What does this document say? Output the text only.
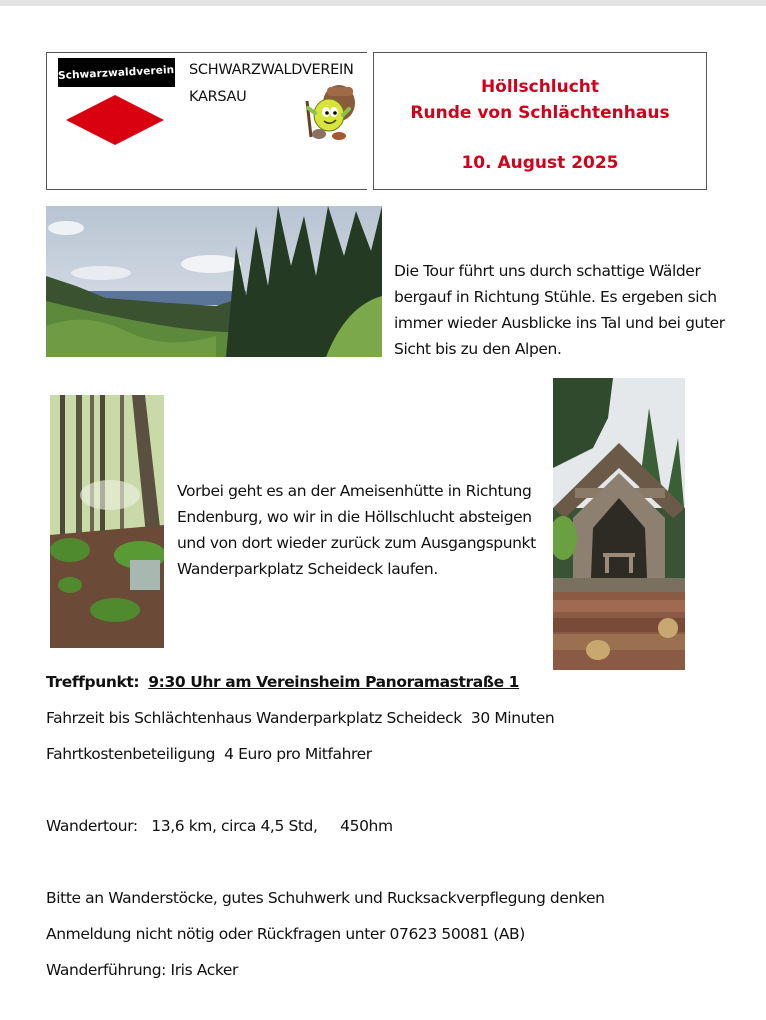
Schwarzwaldverein SCHWARZWALDVEREIN
KARSAU	Höllschlucht
Runde von Schlächtenhaus
10. August 2025
Die Tour führt uns durch schattige Wälder bergauf in Richtung Stühle. Es ergeben sich immer wieder Ausblicke ins Tal und bei guter Sicht bis zu den Alpen.
Vorbei geht es an der Ameisenhütte in Richtung Endenburg, wo wir in die Höllschlucht absteigen und von dort wieder zurück zum Ausgangspunkt Wanderparkplatz Scheideck laufen.
Treffpunkt: 9:30 Uhr am Vereinsheim Panoramastraße 1
Fahrzeit bis Schlächtenhaus Wanderparkplatz Scheideck  30 Minuten
Fahrtkostenbeteiligung  4 Euro pro Mitfahrer
Wandertour:   13,6 km, circa 4,5 Std,     450hm
Bitte an Wanderstöcke, gutes Schuhwerk und Rucksackverpflegung denken
Anmeldung nicht nötig oder Rückfragen unter 07623 50081 (AB)
Wanderführung: Iris Acker
